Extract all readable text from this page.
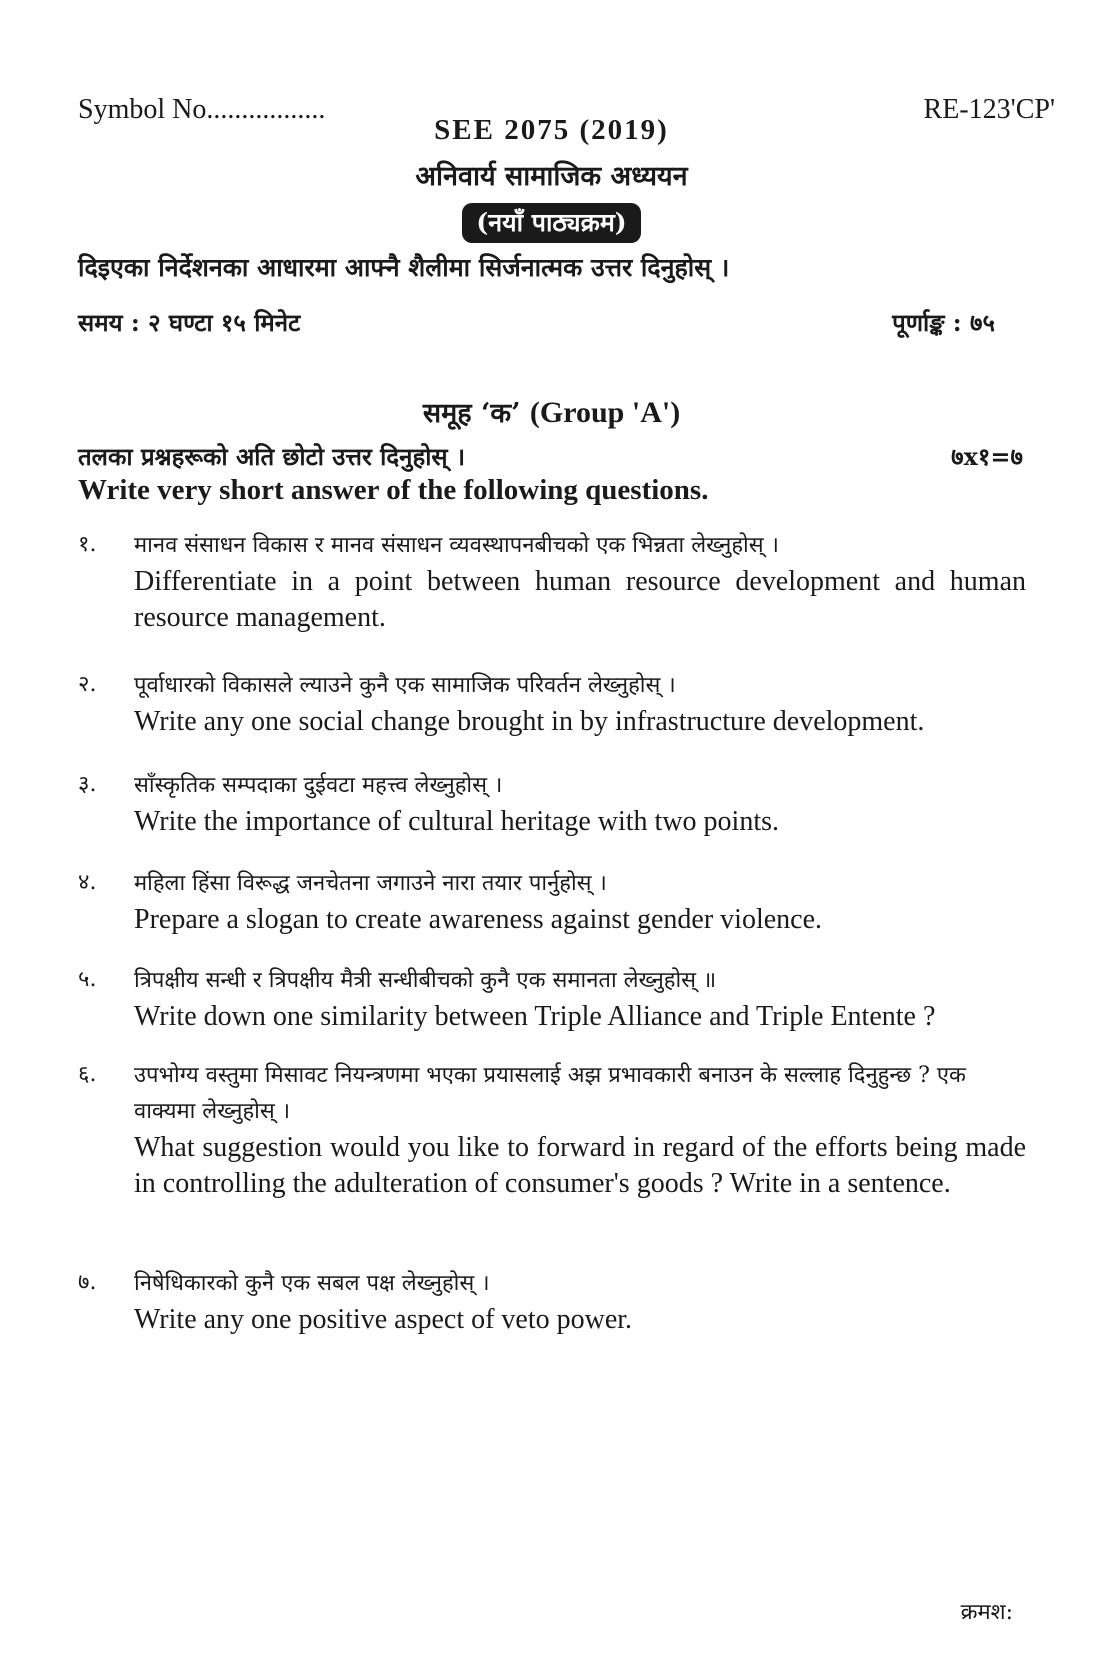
Symbol No.................	RE-123'CP'
SEE 2075 (2019)
अनिवार्य सामाजिक अध्ययन
(नयाँ पाठ्यक्रम)
दिइएका निर्देशनका आधारमा आफ्नै शैलीमा सिर्जनात्मक उत्तर दिनुहोस् ।
समय : २ घण्टा १५ मिनेट	पूर्णाङ्क : ७५
समूह ‘क’ (Group 'A')
तलका प्रश्नहरूको अति छोटो उत्तर दिनुहोस् ।	७x१=७
Write very short answer of the following questions.
१. मानव संसाधन विकास र मानव संसाधन व्यवस्थापनबीचको एक भिन्नता लेख्नुहोस् ।
Differentiate in a point between human resource development and human resource management.
२. पूर्वाधारको विकासले ल्याउने कुनै एक सामाजिक परिवर्तन लेख्नुहोस् ।
Write any one social change brought in by infrastructure development.
३. साँस्कृतिक सम्पदाका दुईवटा महत्त्व लेख्नुहोस् ।
Write the importance of cultural heritage with two points.
४. महिला हिंसा विरूद्ध जनचेतना जगाउने नारा तयार पार्नुहोस् ।
Prepare a slogan to create awareness against gender violence.
५. त्रिपक्षीय सन्धी र त्रिपक्षीय मैत्री सन्धीबीचको कुनै एक समानता लेख्नुहोस् ॥
Write down one similarity between Triple Alliance and Triple Entente ?
६. उपभोग्य वस्तुमा मिसावट नियन्त्रणमा भएका प्रयासलाई अझ प्रभावकारी बनाउन के सल्लाह दिनुहुन्छ ? एक वाक्यमा लेख्नुहोस् ।
What suggestion would you like to forward in regard of the efforts being made in controlling the adulteration of consumer's goods ? Write in a sentence.
७. निषेधिकारको कुनै एक सबल पक्ष लेख्नुहोस् ।
Write any one positive aspect of veto power.
क्रमश:
